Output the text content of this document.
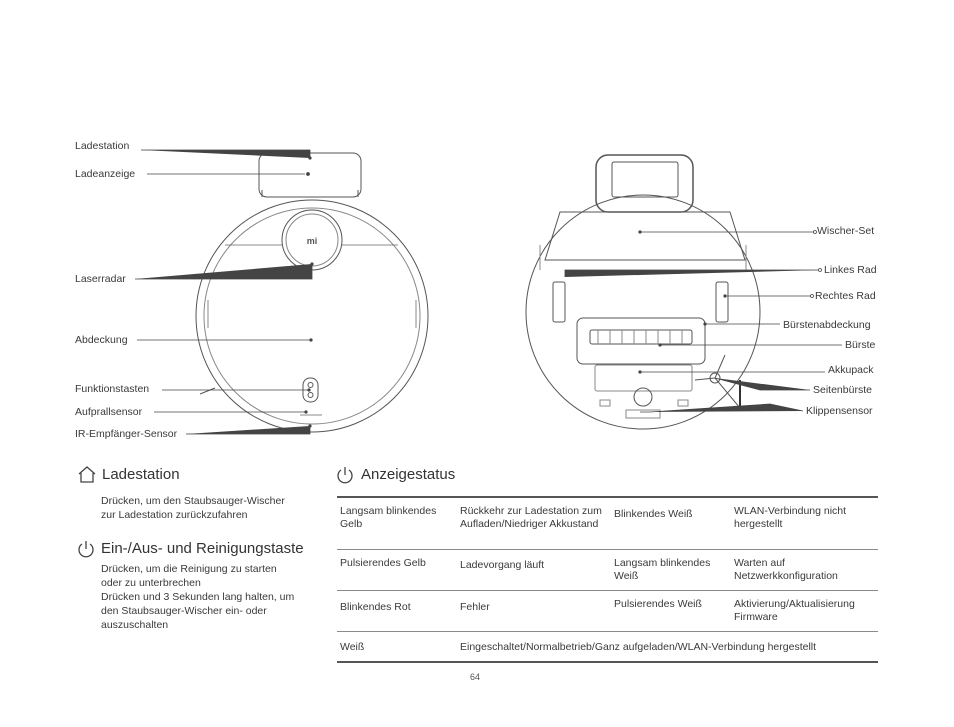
mi
Ladestation
Ladeanzeige
Laserradar
Abdeckung
Funktionstasten
Aufprallsensor
IR-Empfänger-Sensor
Wischer-Set
Linkes Rad
Rechtes Rad
Bürstenabdeckung
Bürste
Akkupack
Seitenbürste
Klippensensor
Ladestation
Drücken, um den Staubsauger-Wischer
zur Ladestation zurückzufahren
Ein-/Aus- und Reinigungstaste
Drücken, um die Reinigung zu starten
oder zu unterbrechen
Drücken und 3 Sekunden lang halten, um
den Staubsauger-Wischer ein- oder
auszuschalten
Anzeigestatus
Langsam blinkendes Gelb	Rückkehr zur Ladestation zum Aufladen/Niedriger Akkustand	Blinkendes Weiß	WLAN-Verbindung nicht hergestellt
Pulsierendes Gelb	Ladevorgang läuft	Langsam blinkendes Weiß	Warten auf Netzwerkkonfiguration
Blinkendes Rot	Fehler	Pulsierendes Weiß	Aktivierung/Aktualisierung Firmware
Weiß	Eingeschaltet/Normalbetrieb/Ganz aufgeladen/WLAN-Verbindung hergestellt		
64
